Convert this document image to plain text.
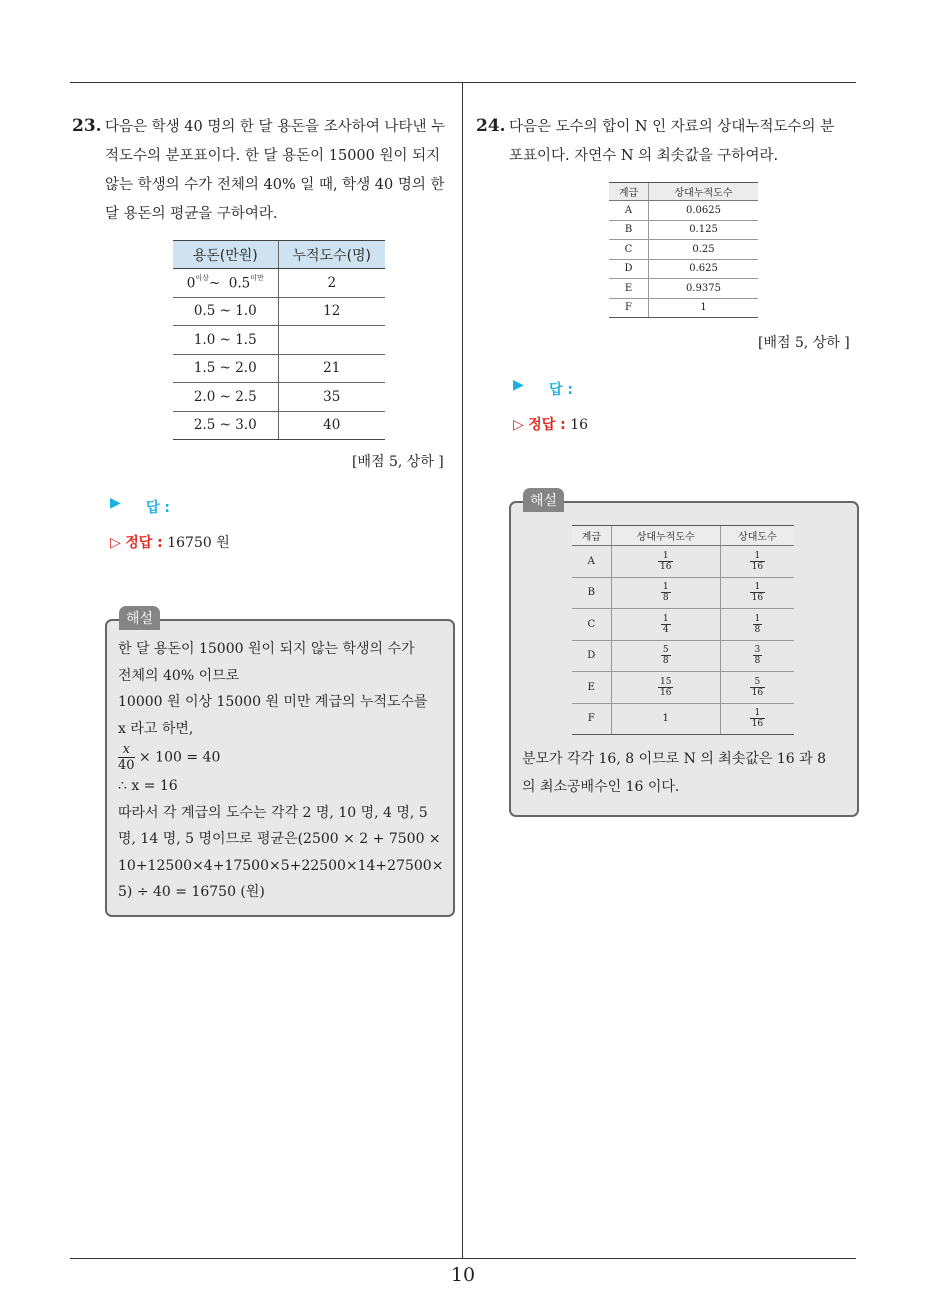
23. 다음은 학생 40 명의 한 달 용돈을 조사하여 나타낸 누
적도수의 분포표이다. 한 달 용돈이 15000 원이 되지
않는 학생의 수가 전체의 40% 일 때, 학생 40 명의 한
달 용돈의 평균을 구하여라.
용돈(만원)	누적도수(명)
$0^{이상}\sim$ $0.5^{미만}$	2
0.5 ~ 1.0	12
1.0 ~ 1.5	
1.5 ~ 2.0	21
2.0 ~ 2.5	35
2.5 ~ 3.0	40
[배점 5, 상하 ]
▶ 답 :
▷ 정답 : 16750 원
해설
한 달 용돈이 15000 원이 되지 않는 학생의 수가
전체의 40% 이므로
10000 원 이상 15000 원 미만 계급의 누적도수를
x 라고 하면,
$\frac{x}{40} \times 100 = 40$
∴ x = 16
따라서 각 계급의 도수는 각각 2 명, 10 명, 4 명, 5
명, 14 명, 5 명이므로 평균은(2500 × 2 + 7500 ×
10+12500×4+17500×5+22500×14+27500×
5) ÷ 40 = 16750 (원)
24. 다음은 도수의 합이 N 인 자료의 상대누적도수의 분
포표이다. 자연수 N 의 최솟값을 구하여라.
계급	상대누적도수
A	0.0625
B	0.125
C	0.25
D	0.625
E	0.9375
F	1
[배점 5, 상하 ]
▶ 답 :
▷ 정답 : 16
해설
계급	상대누적도수	상대도수
A	$\frac{1}{16}$	$\frac{1}{16}$

B	$\frac{1}{8}$	$\frac{1}{16}$

C	$\frac{1}{4}$	$\frac{1}{8}$

D	$\frac{5}{8}$	$\frac{3}{8}$

E	$\frac{15}{16}$	$\frac{5}{16}$

F	1	$\frac{1}{16}$
분모가 각각 16, 8 이므로 N 의 최솟값은 16 과 8
의 최소공배수인 16 이다.
10
